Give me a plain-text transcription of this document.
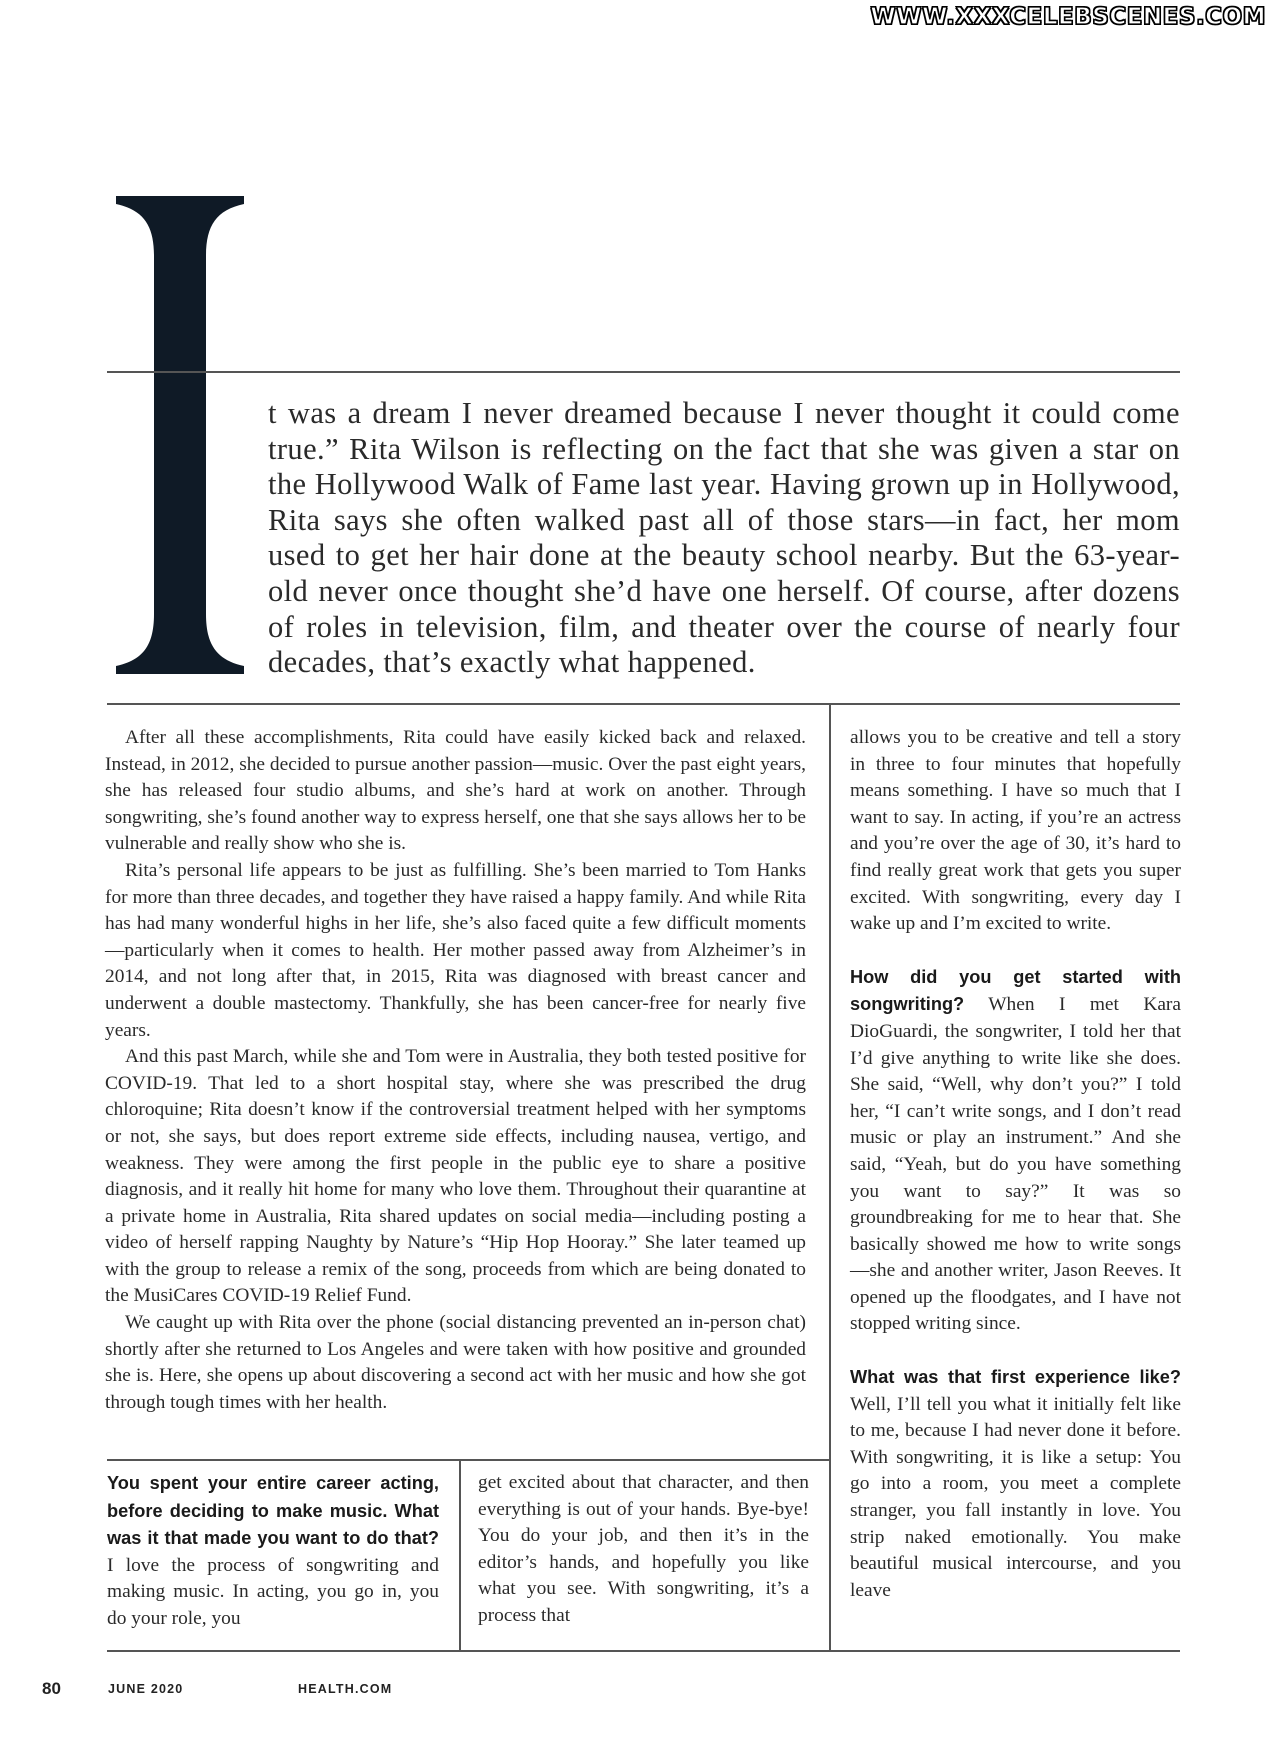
WWW.XXXCELEBSCENES.COM

t was a dream I never dreamed because I never thought it could come true.” Rita Wilson is reflecting on the fact that she was given a star on the Hollywood Walk of Fame last year. Having grown up in Hollywood, Rita says she often walked past all of those stars—in fact, her mom used to get her hair done at the beauty school nearby. But the 63-year-old never once thought she’d have one herself. Of course, after dozens of roles in television, film, and theater over the course of nearly four decades, that’s exactly what happened.

After all these accomplishments, Rita could have easily kicked back and relaxed. Instead, in 2012, she decided to pursue another passion—music. Over the past eight years, she has released four studio albums, and she’s hard at work on another. Through songwriting, she’s found another way to express herself, one that she says allows her to be vulnerable and really show who she is.

Rita’s personal life appears to be just as fulfilling. She’s been married to Tom Hanks for more than three decades, and together they have raised a happy family. And while Rita has had many wonderful highs in her life, she’s also faced quite a few difficult moments—particularly when it comes to health. Her mother passed away from Alzheimer’s in 2014, and not long after that, in 2015, Rita was diagnosed with breast cancer and underwent a double mastectomy. Thankfully, she has been cancer-free for nearly five years.

And this past March, while she and Tom were in Australia, they both tested positive for COVID-19. That led to a short hospital stay, where she was prescribed the drug chloroquine; Rita doesn’t know if the controversial treatment helped with her symptoms or not, she says, but does report extreme side effects, including nausea, vertigo, and weakness. They were among the first people in the public eye to share a positive diagnosis, and it really hit home for many who love them. Throughout their quarantine at a private home in Australia, Rita shared updates on social media—including posting a video of herself rapping Naughty by Nature’s “Hip Hop Hooray.” She later teamed up with the group to release a remix of the song, proceeds from which are being donated to the MusiCares COVID-19 Relief Fund.

We caught up with Rita over the phone (social distancing prevented an in-person chat) shortly after she returned to Los Angeles and were taken with how positive and grounded she is. Here, she opens up about discovering a second act with her music and how she got through tough times with her health.

You spent your entire career acting, before deciding to make music. What was it that made you want to do that? I love the process of songwriting and making music. In acting, you go in, you do your role, you

get excited about that character, and then everything is out of your hands. Bye-bye! You do your job, and then it’s in the editor’s hands, and hopefully you like what you see. With songwriting, it’s a process that

allows you to be creative and tell a story in three to four minutes that hopefully means something. I have so much that I want to say. In acting, if you’re an actress and you’re over the age of 30, it’s hard to find really great work that gets you super excited. With songwriting, every day I wake up and I’m excited to write.

How did you get started with songwriting? When I met Kara DioGuardi, the songwriter, I told her that I’d give anything to write like she does. She said, “Well, why don’t you?” I told her, “I can’t write songs, and I don’t read music or play an instrument.” And she said, “Yeah, but do you have something you want to say?” It was so groundbreaking for me to hear that. She basically showed me how to write songs—she and another writer, Jason Reeves. It opened up the floodgates, and I have not stopped writing since.

What was that first experience like? Well, I’ll tell you what it initially felt like to me, because I had never done it before. With songwriting, it is like a setup: You go into a room, you meet a complete stranger, you fall instantly in love. You strip naked emotionally. You make beautiful musical intercourse, and you leave

80	JUNE 2020	HEALTH.COM
